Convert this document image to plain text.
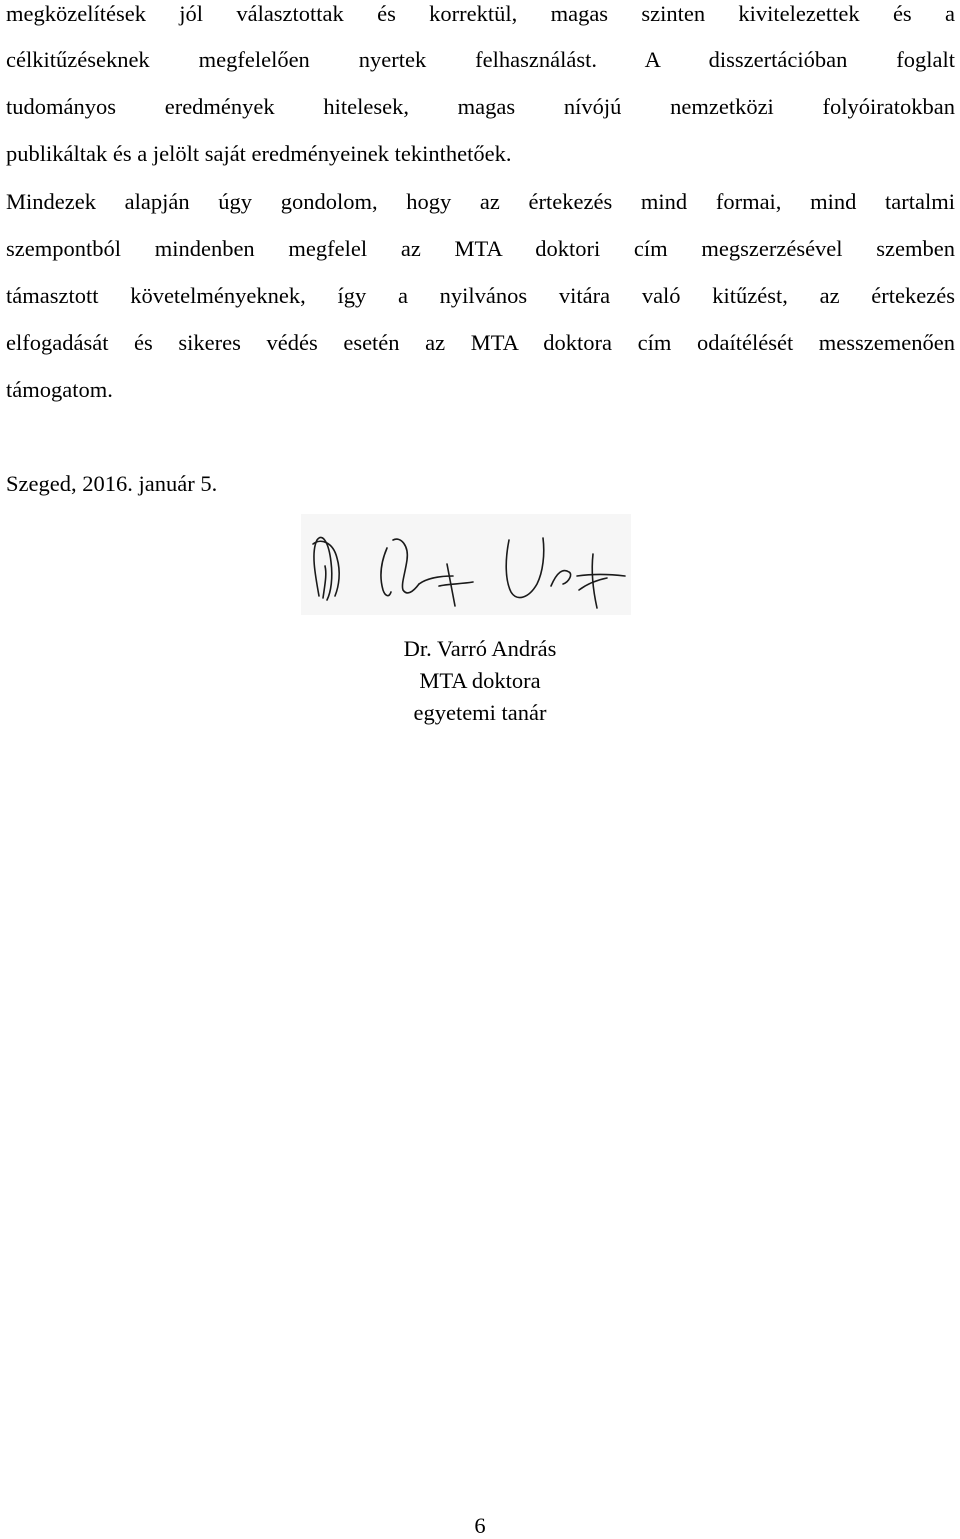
megközelítések jól választottak és korrektül, magas szinten kivitelezettek és a
célkitűzéseknek megfelelően nyertek felhasználást. A disszertációban foglalt
tudományos eredmények hitelesek, magas nívójú nemzetközi folyóiratokban
publikáltak és a jelölt saját eredményeinek tekinthetőek.
Mindezek alapján úgy gondolom, hogy az értekezés mind formai, mind tartalmi
szempontból mindenben megfelel az MTA doktori cím megszerzésével szemben
támasztott követelményeknek, így a nyilvános vitára való kitűzést, az értekezés
elfogadását és sikeres védés esetén az MTA doktora cím odaítélését messzemenően
támogatom.
Szeged, 2016. január 5.
Dr. Varró András
MTA doktora
egyetemi tanár
6
